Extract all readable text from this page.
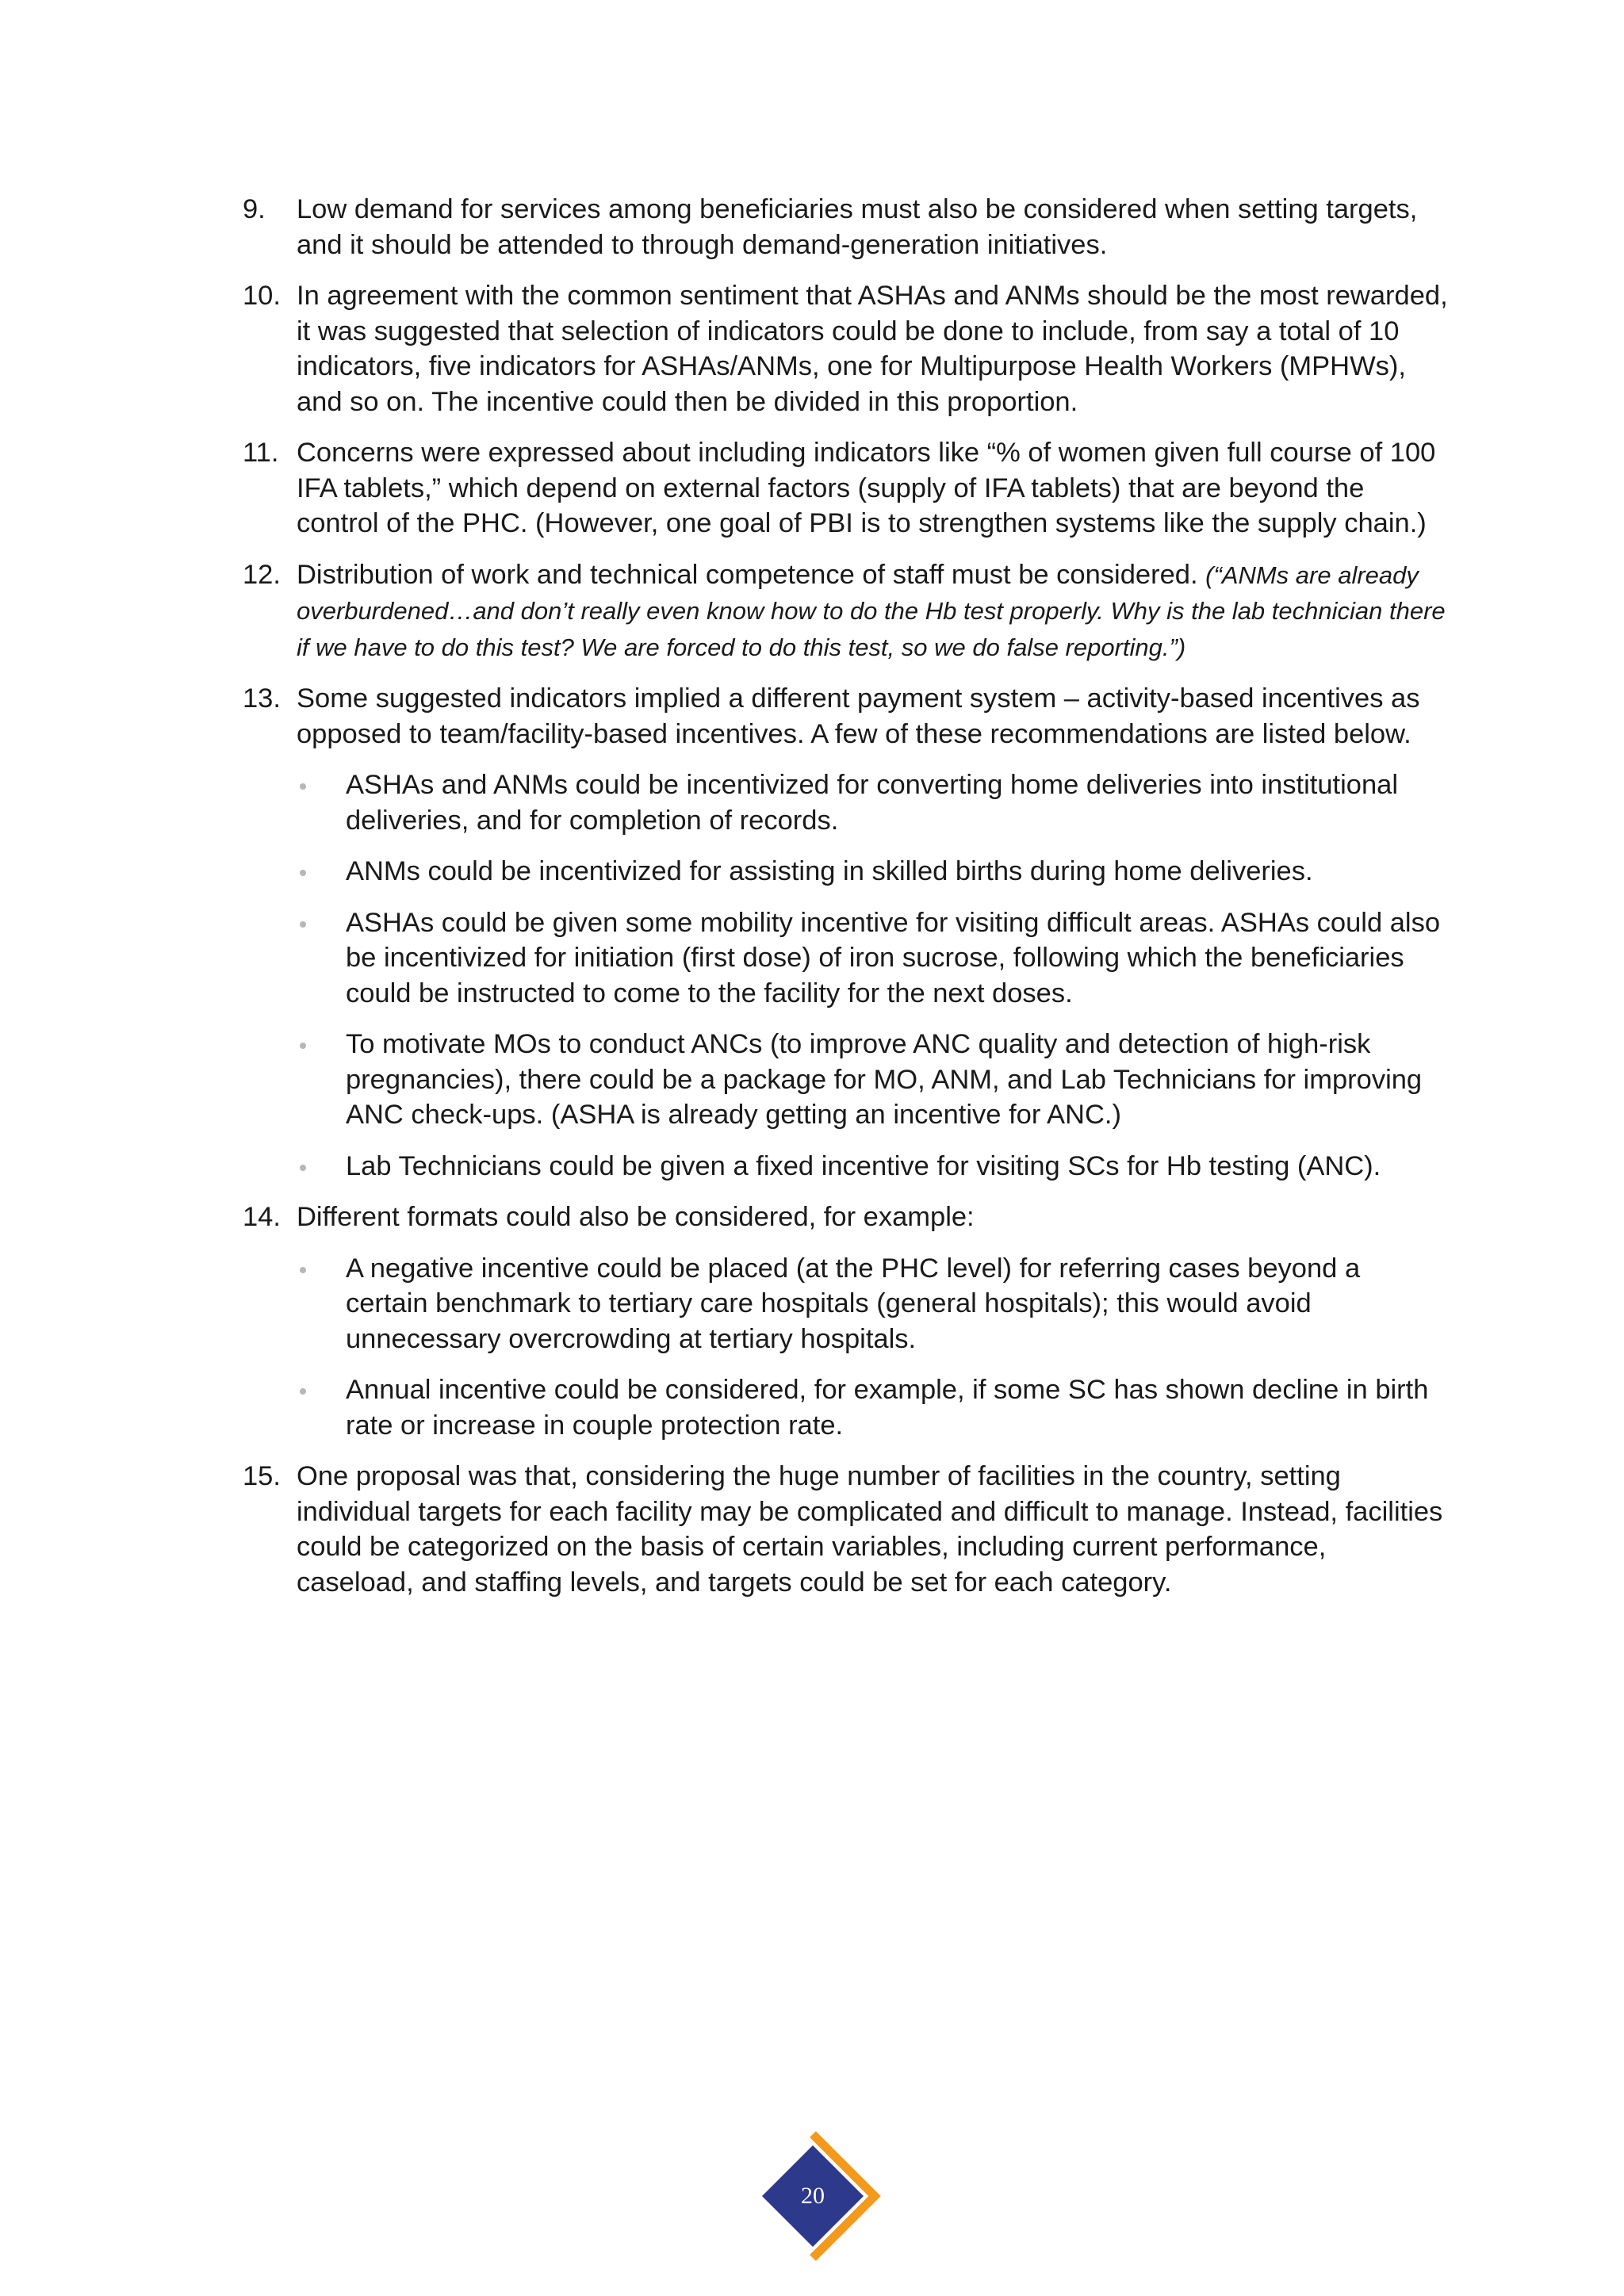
9. Low demand for services among beneficiaries must also be considered when setting targets, and it should be attended to through demand-generation initiatives.
10. In agreement with the common sentiment that ASHAs and ANMs should be the most rewarded, it was suggested that selection of indicators could be done to include, from say a total of 10 indicators, five indicators for ASHAs/ANMs, one for Multipurpose Health Workers (MPHWs), and so on. The incentive could then be divided in this proportion.
11. Concerns were expressed about including indicators like “% of women given full course of 100 IFA tablets,” which depend on external factors (supply of IFA tablets) that are beyond the control of the PHC. (However, one goal of PBI is to strengthen systems like the supply chain.)
12. Distribution of work and technical competence of staff must be considered. (“ANMs are already overburdened…and don’t really even know how to do the Hb test properly. Why is the lab technician there if we have to do this test? We are forced to do this test, so we do false reporting.”)
13. Some suggested indicators implied a different payment system – activity-based incentives as opposed to team/facility-based incentives. A few of these recommendations are listed below.
ASHAs and ANMs could be incentivized for converting home deliveries into institutional deliveries, and for completion of records.
ANMs could be incentivized for assisting in skilled births during home deliveries.
ASHAs could be given some mobility incentive for visiting difficult areas. ASHAs could also be incentivized for initiation (first dose) of iron sucrose, following which the beneficiaries could be instructed to come to the facility for the next doses.
To motivate MOs to conduct ANCs (to improve ANC quality and detection of high-risk pregnancies), there could be a package for MO, ANM, and Lab Technicians for improving ANC check-ups. (ASHA is already getting an incentive for ANC.)
Lab Technicians could be given a fixed incentive for visiting SCs for Hb testing (ANC).
14. Different formats could also be considered, for example:
A negative incentive could be placed (at the PHC level) for referring cases beyond a certain benchmark to tertiary care hospitals (general hospitals); this would avoid unnecessary overcrowding at tertiary hospitals.
Annual incentive could be considered, for example, if some SC has shown decline in birth rate or increase in couple protection rate.
15. One proposal was that, considering the huge number of facilities in the country, setting individual targets for each facility may be complicated and difficult to manage. Instead, facilities could be categorized on the basis of certain variables, including current performance, caseload, and staffing levels, and targets could be set for each category.
20
